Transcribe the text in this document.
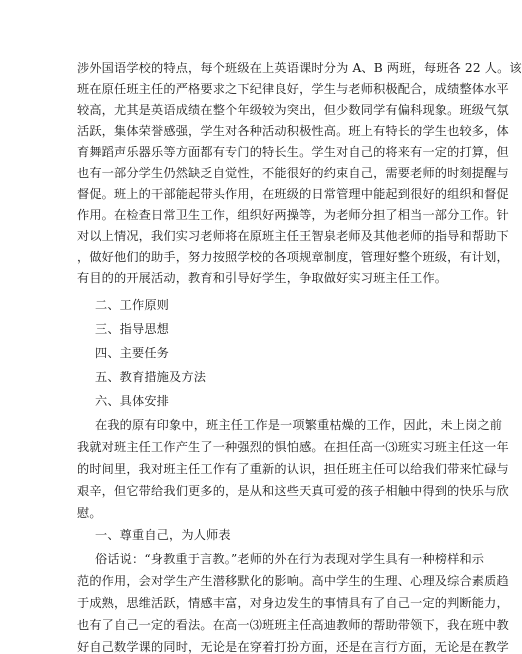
涉外国语学校的特点，每个班级在上英语课时分为 A、B 两班，每班各 22 人。该
班在原任班主任的严格要求之下纪律良好，学生与老师积极配合，成绩整体水平
较高，尤其是英语成绩在整个年级较为突出，但少数同学有偏科现象。班级气氛
活跃，集体荣誉感强，学生对各种活动积极性高。班上有特长的学生也较多，体
育舞蹈声乐器乐等方面都有专门的特长生。学生对自己的将来有一定的打算，但
也有一部分学生仍然缺乏自觉性，不能很好的约束自己，需要老师的时刻提醒与
督促。班上的干部能起带头作用，在班级的日常管理中能起到很好的组织和督促
作用。在检查日常卫生工作，组织好两操等，为老师分担了相当一部分工作。针
对以上情况，我们实习老师将在原班主任王智泉老师及其他老师的指导和帮助下
，做好他们的助手，努力按照学校的各项规章制度，管理好整个班级，有计划，
有目的的开展活动，教育和引导好学生，争取做好实习班主任工作。
二、工作原则
三、指导思想
四、主要任务
五、教育措施及方法
六、具体安排
在我的原有印象中，班主任工作是一项繁重枯燥的工作，因此，未上岗之前
我就对班主任工作产生了一种强烈的惧怕感。在担任高一⑶班实习班主任这一年
的时间里，我对班主任工作有了重新的认识，担任班主任可以给我们带来忙碌与
艰辛，但它带给我们更多的，是从和这些天真可爱的孩子相触中得到的快乐与欣
慰。
一、尊重自己，为人师表
俗话说：“身教重于言教。”老师的外在行为表现对学生具有一种榜样和示
范的作用，会对学生产生潜移默化的影响。高中学生的生理、心理及综合素质趋
于成熟，思维活跃，情感丰富，对身边发生的事情具有了自己一定的判断能力，
也有了自己一定的看法。在高一⑶班班主任高迪教师的帮助带领下，我在班中教
好自己数学课的同时，无论是在穿着打扮方面，还是在言行方面，无论是在教学
